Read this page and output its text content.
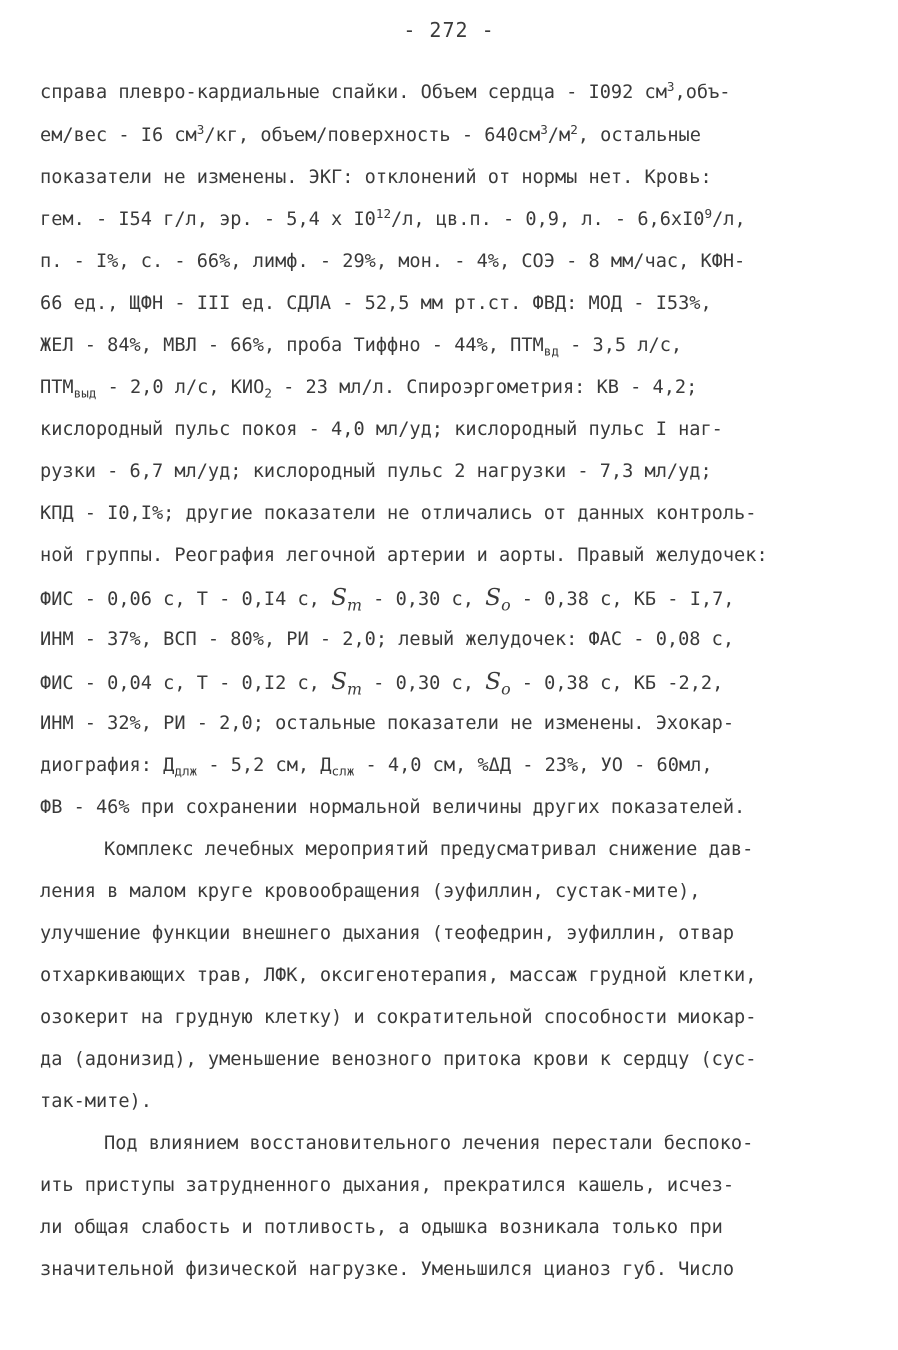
- 272 -
справа плевро-кардиальные спайки. Объем сердца - I092 $см^3,объ-$
ем/вес - I6 $см^3/кг$, объем/поверхность - $640см^3/м^2$, остальные
показатели не изменены. ЭКГ: отклонений от нормы нет. Кровь:
гем. - I54 г/л, эр. - 5,4 x $I0^{12}/л$, цв.п. - 0,9, л. - $6,6xI0^9/л$,
п. - I%, с. - 66%, лимф. - 29%, мон. - 4%, СОЭ - 8 мм/час, КФН-
66 ед., ЩФН - III ед. СДЛА - 52,5 мм рт.ст. ФВД: МОД - I53%,
ЖЕЛ - 84%, МВЛ - 66%, проба Тиффно - 44%, $ПТМ_{вд} - 3,5$ л/с,
$ПТМ_{выд} - 2,0$ л/с, $КИО_2 - 23$ мл/л. Спироэргометрия: КВ - 4,2;
кислородный пульс покоя - 4,0 мл/уд; кислородный пульс I наг-
рузки - 6,7 мл/уд; кислородный пульс 2 нагрузки - 7,3 мл/уд;
КПД - I0,I%; другие показатели не отличались от данных контроль-
ной группы. Реография легочной артерии и аорты. Правый желудочек:
ФИС - 0,06 с, Т - 0,I4 с, $S_m - 0,30$ с, $S_o - 0,38$ с, КБ - I,7,
ИНМ - 37%, ВСП - 80%, РИ - 2,0; левый желудочек: ФАС - 0,08 с,
ФИС - 0,04 с, Т - 0,I2 с, $S_m - 0,30$ с, $S_o - 0,38$ с, КБ -2,2,
ИНМ - 32%, РИ - 2,0; остальные показатели не изменены. Эхокар-
диография: $Д_{длж} - 5,2$ см, $Д_{слж} - 4,0$ см, %ΔД - 23%, УО - 60мл,
ФВ - 46% при сохранении нормальной величины других показателей.
Комплекс лечебных мероприятий предусматривал снижение дав-
ления в малом круге кровообращения (эуфиллин, сустак-мите),
улучшение функции внешнего дыхания (теофедрин, эуфиллин, отвар
отхаркивающих трав, ЛФК, оксигенотерапия, массаж грудной клетки,
озокерит на грудную клетку) и сократительной способности миокар-
да (адонизид), уменьшение венозного притока крови к сердцу (сус-
так-мите).
Под влиянием восстановительного лечения перестали беспоко-
ить приступы затрудненного дыхания, прекратился кашель, исчез-
ли общая слабость и потливость, а одышка возникала только при
значительной физической нагрузке. Уменьшился цианоз губ. Число
